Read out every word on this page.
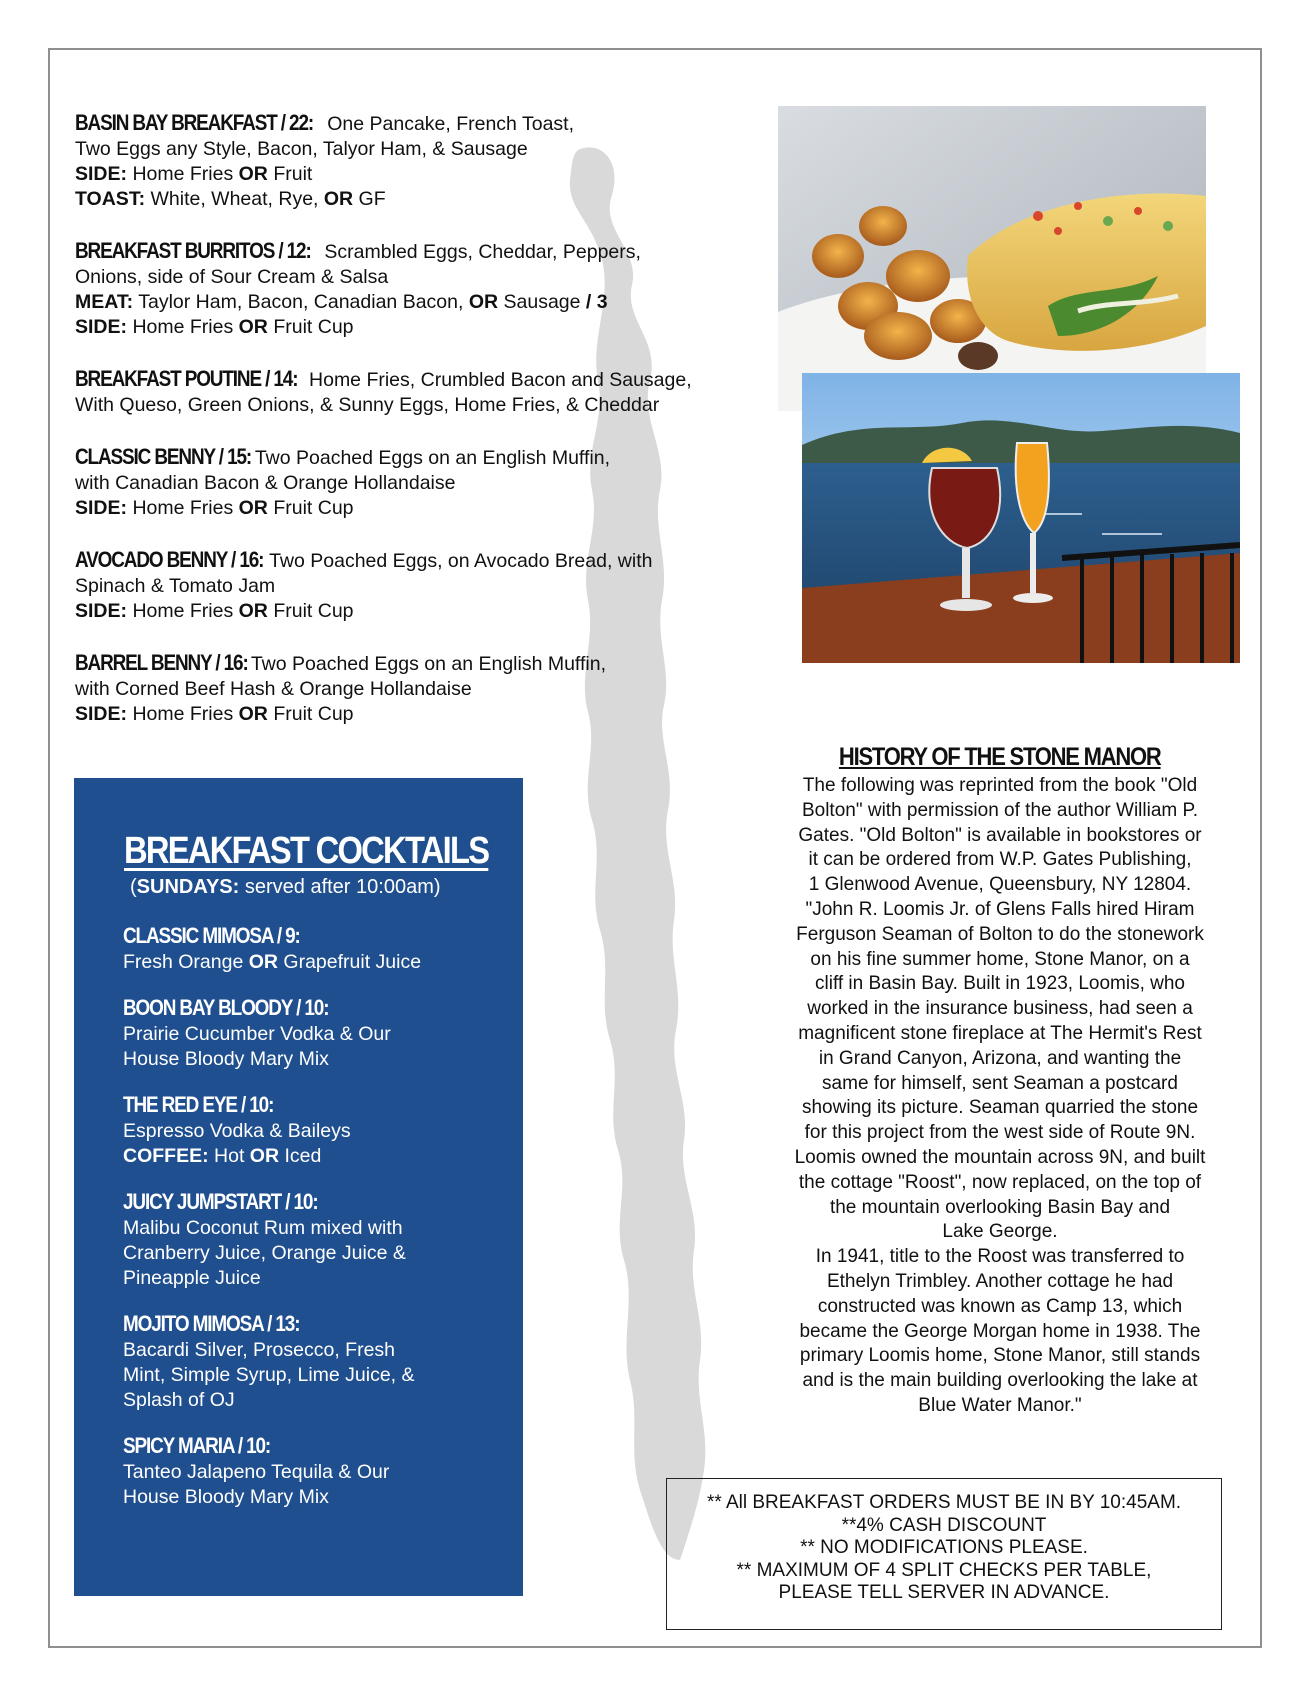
BASIN BAY BREAKFAST / 22: One Pancake, French Toast,
Two Eggs any Style, Bacon, Talyor Ham, & Sausage
SIDE: Home Fries OR Fruit
TOAST: White, Wheat, Rye, OR GF
BREAKFAST BURRITOS / 12: Scrambled Eggs, Cheddar, Peppers,
Onions, side of Sour Cream & Salsa
MEAT: Taylor Ham, Bacon, Canadian Bacon, OR Sausage / 3
SIDE: Home Fries OR Fruit Cup
BREAKFAST POUTINE / 14: Home Fries, Crumbled Bacon and Sausage,
With Queso, Green Onions, & Sunny Eggs, Home Fries, & Cheddar
CLASSIC BENNY / 15: Two Poached Eggs on an English Muffin,
with Canadian Bacon & Orange Hollandaise
SIDE: Home Fries OR Fruit Cup
AVOCADO BENNY / 16: Two Poached Eggs, on Avocado Bread, with
Spinach & Tomato Jam
SIDE: Home Fries OR Fruit Cup
BARREL BENNY / 16: Two Poached Eggs on an English Muffin,
with Corned Beef Hash & Orange Hollandaise
SIDE: Home Fries OR Fruit Cup
BREAKFAST COCKTAILS
(SUNDAYS: served after 10:00am)
CLASSIC MIMOSA / 9:
Fresh Orange OR Grapefruit Juice
BOON BAY BLOODY / 10:
Prairie Cucumber Vodka & Our
House Bloody Mary Mix
THE RED EYE / 10:
Espresso Vodka & Baileys
COFFEE: Hot OR Iced
JUICY JUMPSTART / 10:
Malibu Coconut Rum mixed with
Cranberry Juice, Orange Juice &
Pineapple Juice
MOJITO MIMOSA / 13:
Bacardi Silver, Prosecco, Fresh
Mint, Simple Syrup, Lime Juice, &
Splash of OJ
SPICY MARIA / 10:
Tanteo Jalapeno Tequila & Our
House Bloody Mary Mix
HISTORY OF THE STONE MANOR
The following was reprinted from the book "Old
Bolton" with permission of the author William P.
Gates. "Old Bolton" is available in bookstores or
it can be ordered from W.P. Gates Publishing,
1 Glenwood Avenue, Queensbury, NY 12804.
"John R. Loomis Jr. of Glens Falls hired Hiram
Ferguson Seaman of Bolton to do the stonework
on his fine summer home, Stone Manor, on a
cliff in Basin Bay. Built in 1923, Loomis, who
worked in the insurance business, had seen a
magnificent stone fireplace at The Hermit's Rest
in Grand Canyon, Arizona, and wanting the
same for himself, sent Seaman a postcard
showing its picture. Seaman quarried the stone
for this project from the west side of Route 9N.
Loomis owned the mountain across 9N, and built
the cottage "Roost", now replaced, on the top of
the mountain overlooking Basin Bay and
Lake George.
In 1941, title to the Roost was transferred to
Ethelyn Trimbley. Another cottage he had
constructed was known as Camp 13, which
became the George Morgan home in 1938. The
primary Loomis home, Stone Manor, still stands
and is the main building overlooking the lake at
Blue Water Manor."
** All BREAKFAST ORDERS MUST BE IN BY 10:45AM.
**4% CASH DISCOUNT
** NO MODIFICATIONS PLEASE.
** MAXIMUM OF 4 SPLIT CHECKS PER TABLE,
PLEASE TELL SERVER IN ADVANCE.
